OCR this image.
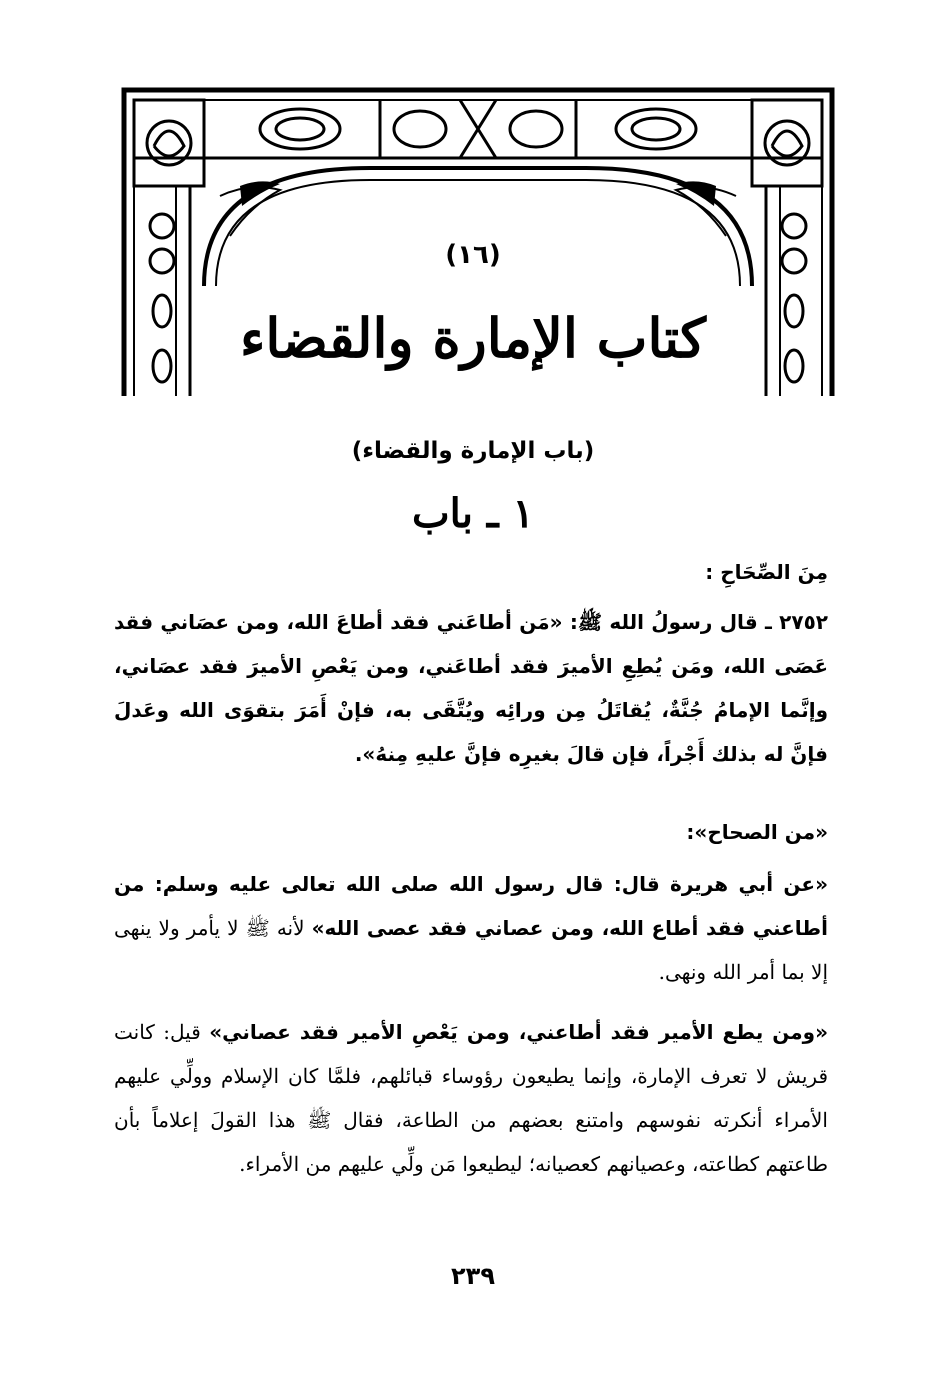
(١٦)
كتاب الإمارة والقضاء
(باب الإمارة والقضاء)
١ ـ باب
مِنَ الصِّحَاحِ :
٢٧٥٢ ـ قال رسولُ الله ﷺ: «مَن أطاعَني فقد أطاعَ الله، ومن عصَاني فقد عَصَى الله، ومَن يُطِعِ الأميرَ فقد أطاعَني، ومن يَعْصِ الأميرَ فقد عصَاني، وإنَّما الإمامُ جُنَّةٌ، يُقاتَلُ مِن ورائِه ويُتَّقَى به، فإنْ أَمَرَ بتقوَى الله وعَدلَ فإنَّ له بذلك أَجْراً، فإن قالَ بغيرِه فإنَّ عليهِ مِنهُ».
«من الصحاح»:
«عن أبي هريرة قال: قال رسول الله صلى الله تعالى عليه وسلم: من أطاعني فقد أطاع الله، ومن عصاني فقد عصى الله» لأنه ﷺ لا يأمر ولا ينهى إلا بما أمر الله ونهى.
«ومن يطع الأمير فقد أطاعني، ومن يَعْصِ الأمير فقد عصاني» قيل: كانت قريش لا تعرف الإمارة، وإنما يطيعون رؤوساء قبائلهم، فلمَّا كان الإسلام وولِّي عليهم الأمراء أنكرته نفوسهم وامتنع بعضهم من الطاعة، فقال ﷺ هذا القولَ إعلاماً بأن طاعتهم كطاعته، وعصيانهم كعصيانه؛ ليطيعوا مَن ولِّي عليهم من الأمراء.
٢٣٩
